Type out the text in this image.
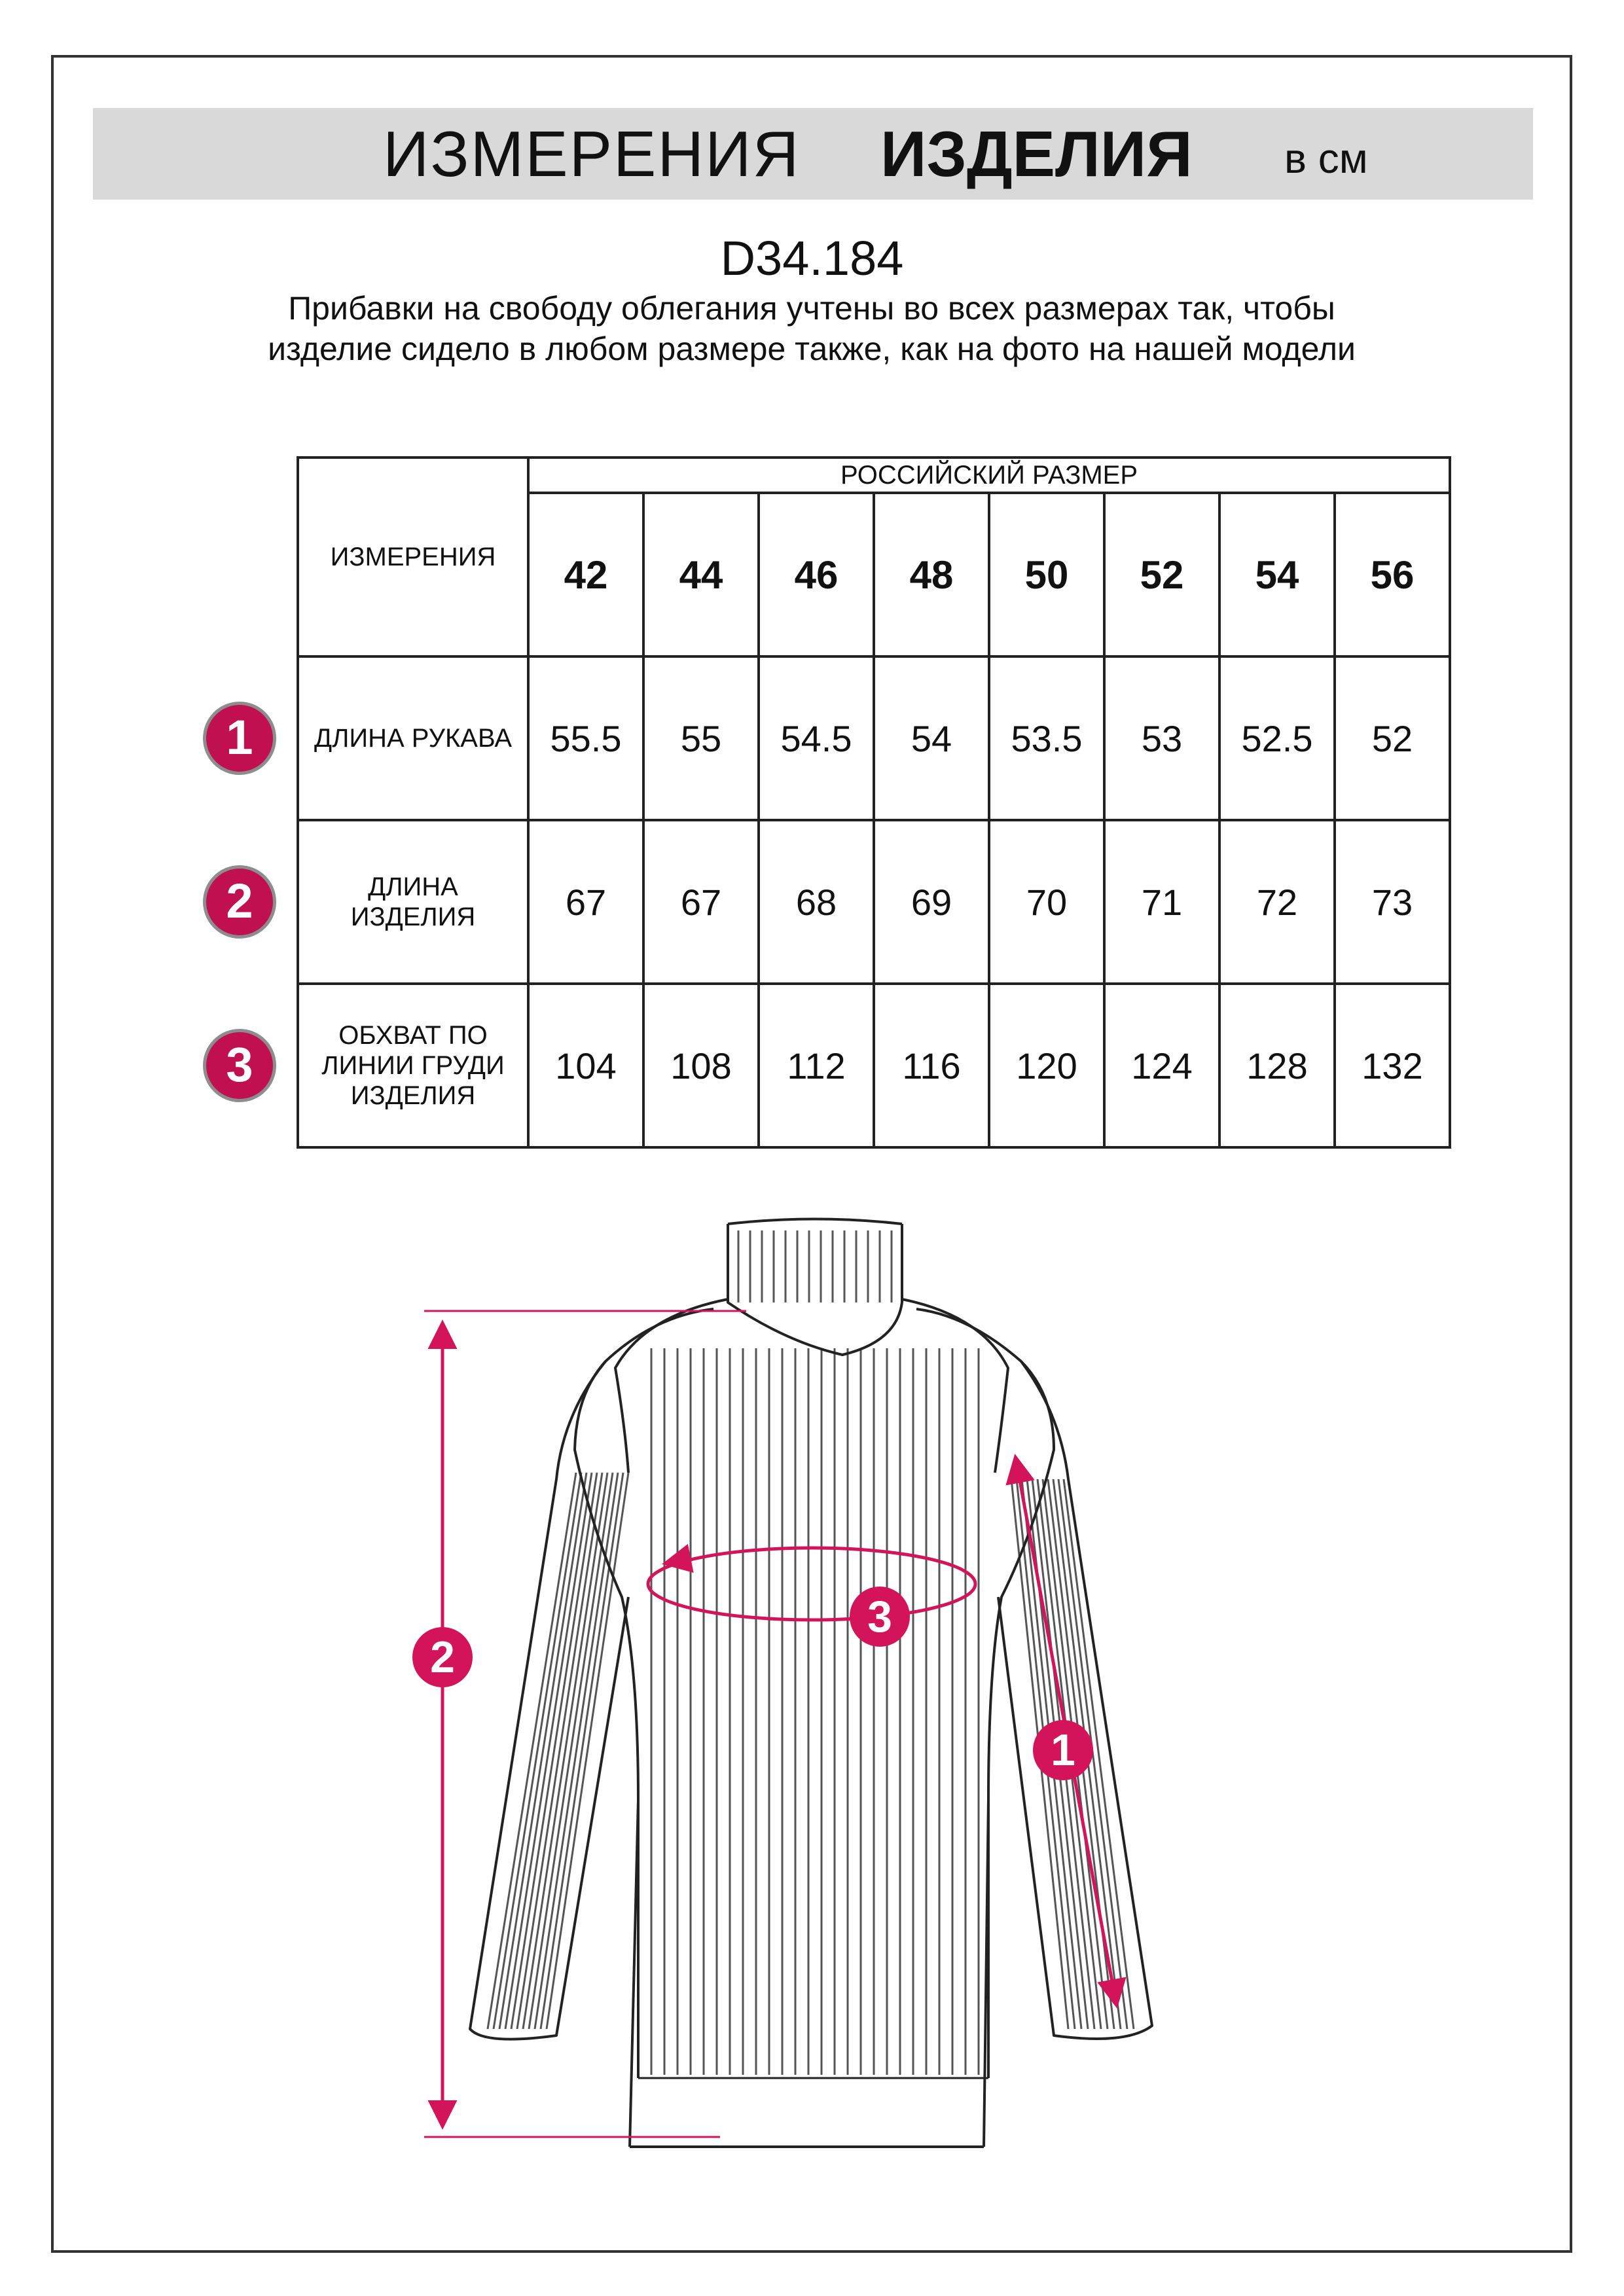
ИЗМЕРЕНИЯ ИЗДЕЛИЯ в см
D34.184
Прибавки на свободу облегания учтены во всех размерах так, чтобы изделие сидело в любом размере также, как на фото на нашей модели
ИЗМЕРЕНИЯ	РОССИЙСКИЙ РАЗМЕР							
	42	44	46	48	50	52	54	56
ДЛИНА РУКАВА	55.5	55	54.5	54	53.5	53	52.5	52
ДЛИНА ИЗДЕЛИЯ	67	67	68	69	70	71	72	73
ОБХВАТ ПО ЛИНИИ ГРУДИ ИЗДЕЛИЯ	104	108	112	116	120	124	128	132
1
2
3
2
3
1
